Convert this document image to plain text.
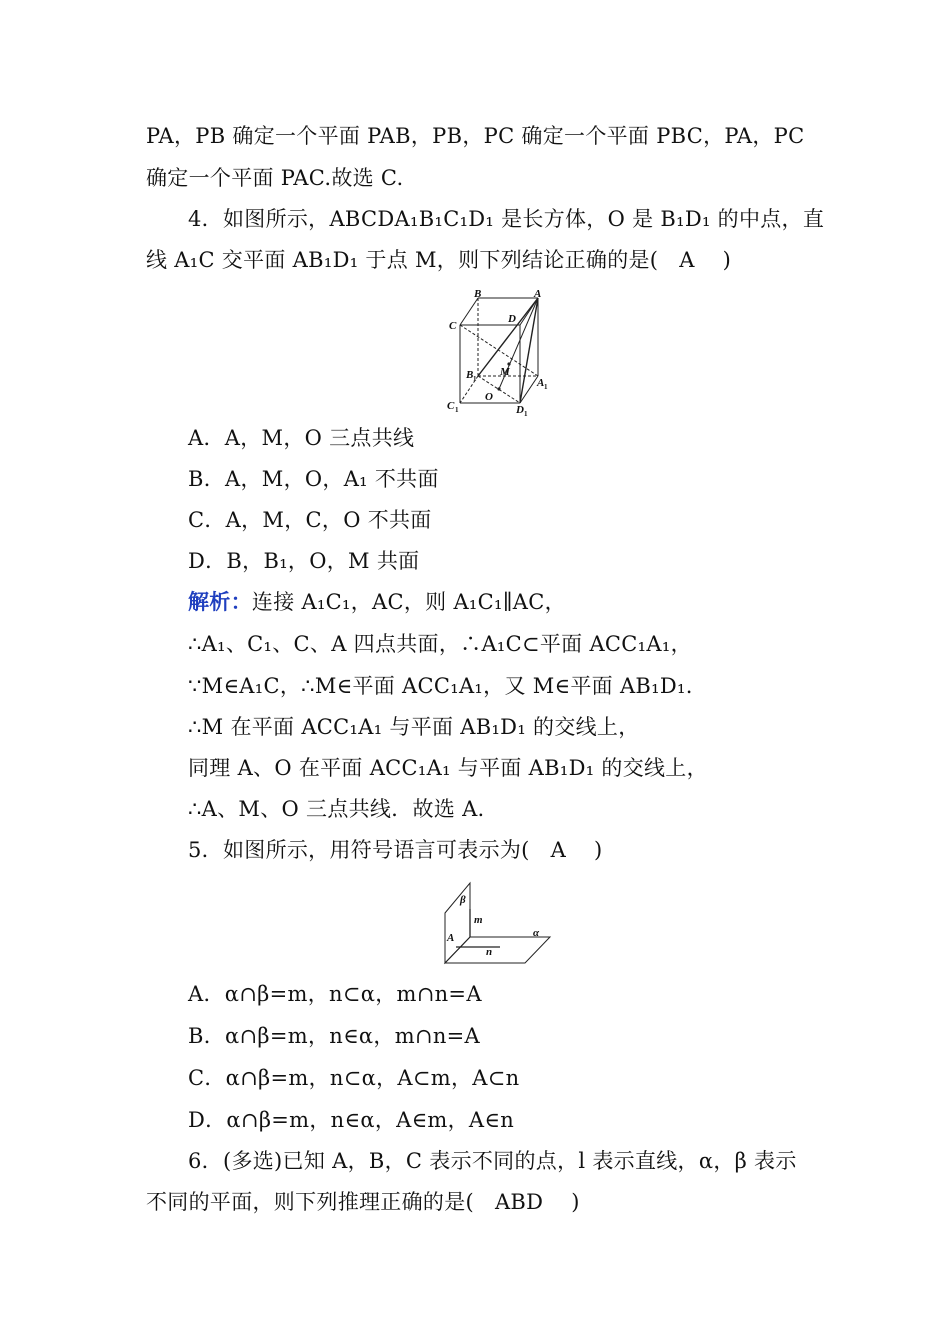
PA，PB 确定一个平面 PAB，PB，PC 确定一个平面 PBC，PA，PC
确定一个平面 PAC.故选 C.
4．如图所示，ABCDA₁B₁C₁D₁ 是长方体，O 是 B₁D₁ 的中点，直
线 A₁C 交平面 AB₁D₁ 于点 M，则下列结论正确的是( A )
B	A
C
D
M
B 1	A 1
O
C 1	D 1
A．A，M，O 三点共线
B．A，M，O，A₁ 不共面
C．A，M，C，O 不共面
D．B，B₁，O，M 共面
解析：连接 A₁C₁，AC，则 A₁C₁∥AC，
∴A₁、C₁、C、A 四点共面，∴A₁C⊂平面 ACC₁A₁，
∵M∈A₁C，∴M∈平面 ACC₁A₁，又 M∈平面 AB₁D₁.
∴M 在平面 ACC₁A₁ 与平面 AB₁D₁ 的交线上，
同理 A、O 在平面 ACC₁A₁ 与平面 AB₁D₁ 的交线上，
∴A、M、O 三点共线．故选 A.
5．如图所示，用符号语言可表示为( A )
β
m
A	α
n
A．α∩β=m，n⊂α，m∩n=A
B．α∩β=m，n∈α，m∩n=A
C．α∩β=m，n⊂α，A⊂m，A⊂n
D．α∩β=m，n∈α，A∈m，A∈n
6．(多选)已知 A，B，C 表示不同的点，l 表示直线，α，β 表示
不同的平面，则下列推理正确的是( ABD )
